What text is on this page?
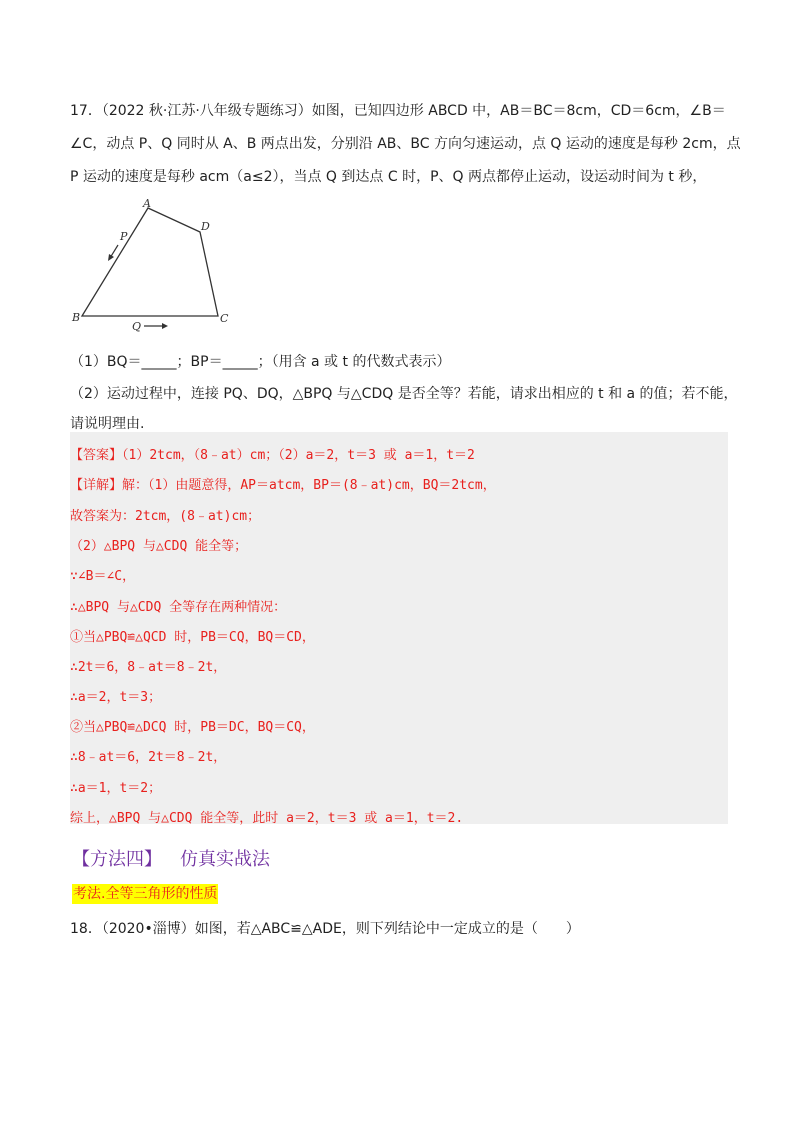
17．（2022 秋·江苏·八年级专题练习）如图，已知四边形 ABCD 中，AB＝BC＝8cm，CD＝6cm，∠B＝
∠C，动点 P、Q 同时从 A、B 两点出发，分别沿 AB、BC 方向匀速运动，点 Q 运动的速度是每秒 2cm，点
P 运动的速度是每秒 acm（a≤2），当点 Q 到达点 C 时，P、Q 两点都停止运动，设运动时间为 t 秒，
A
D
C
B
P
Q
（1）BQ＝_____；BP＝_____；（用含 a 或 t 的代数式表示）
（2）运动过程中，连接 PQ、DQ，△BPQ 与△CDQ 是否全等？若能，请求出相应的 t 和 a 的值；若不能，
请说明理由.
【答案】（1）2tcm，（8﹣at）cm；（2）a＝2，t＝3 或 a＝1，t＝2
【详解】解：（1）由题意得，AP＝atcm，BP＝(8﹣at)cm，BQ＝2tcm，
故答案为：2tcm，(8﹣at)cm；
（2）△BPQ 与△CDQ 能全等；
∵∠B＝∠C，
∴△BPQ 与△CDQ 全等存在两种情况：
①当△PBQ≌△QCD 时，PB＝CQ，BQ＝CD，
∴2t＝6，8﹣at＝8﹣2t，
∴a＝2，t＝3；
②当△PBQ≌△DCQ 时，PB＝DC，BQ＝CQ，
∴8﹣at＝6，2t＝8﹣2t，
∴a＝1，t＝2；
综上，△BPQ 与△CDQ 能全等，此时 a＝2，t＝3 或 a＝1，t＝2.
【方法四】 仿真实战法
考法.全等三角形的性质
18．（2020•淄博）如图，若△ABC≌△ADE，则下列结论中一定成立的是（　　）
